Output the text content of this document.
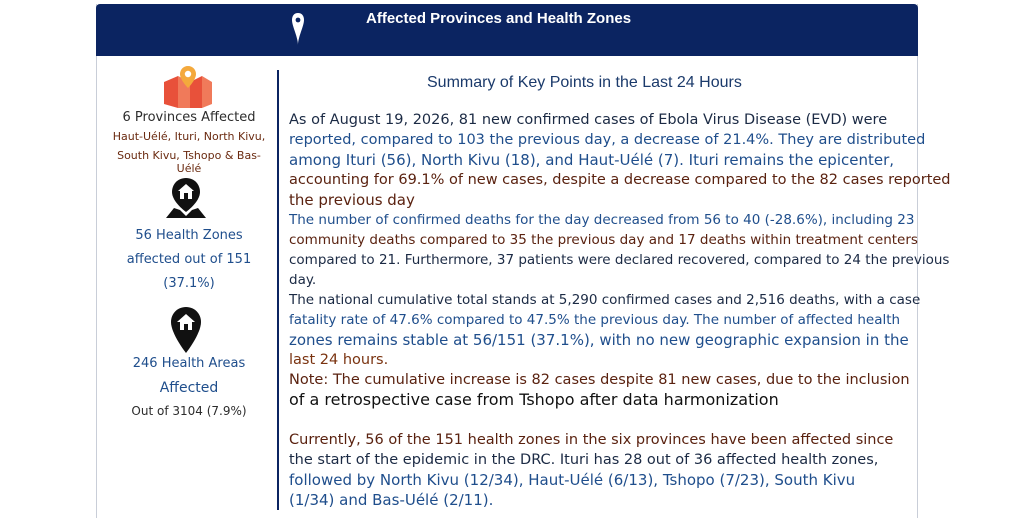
Affected Provinces and Health Zones
6 Provinces Affected
Haut-Uélé, Ituri, North Kivu,
South Kivu, Tshopo & Bas-Uélé
56 Health Zones
affected out of 151
(37.1%)
246 Health Areas
Affected
Out of 3104 (7.9%)
Summary of Key Points in the Last 24 Hours

As of August 19, 2026, 81 new confirmed cases of Ebola Virus Disease (EVD) were
reported, compared to 103 the previous day, a decrease of 21.4%. They are distributed
among Ituri (56), North Kivu (18), and Haut-Uélé (7). Ituri remains the epicenter,
accounting for 69.1% of new cases, despite a decrease compared to the 82 cases reported
the previous day

The number of confirmed deaths for the day decreased from 56 to 40 (-28.6%), including 23
community deaths compared to 35 the previous day and 17 deaths within treatment centers
compared to 21. Furthermore, 37 patients were declared recovered, compared to 24 the previous
day.

The national cumulative total stands at 5,290 confirmed cases and 2,516 deaths, with a case
fatality rate of 47.6% compared to 47.5% the previous day. The number of affected health
zones remains stable at 56/151 (37.1%), with no new geographic expansion in the
last 24 hours.

Note: The cumulative increase is 82 cases despite 81 new cases, due to the inclusion
of a retrospective case from Tshopo after data harmonization

Currently, 56 of the 151 health zones in the six provinces have been affected since
the start of the epidemic in the DRC. Ituri has 28 out of 36 affected health zones,
followed by North Kivu (12/34), Haut-Uélé (6/13), Tshopo (7/23), South Kivu
(1/34) and Bas-Uélé (2/11).
